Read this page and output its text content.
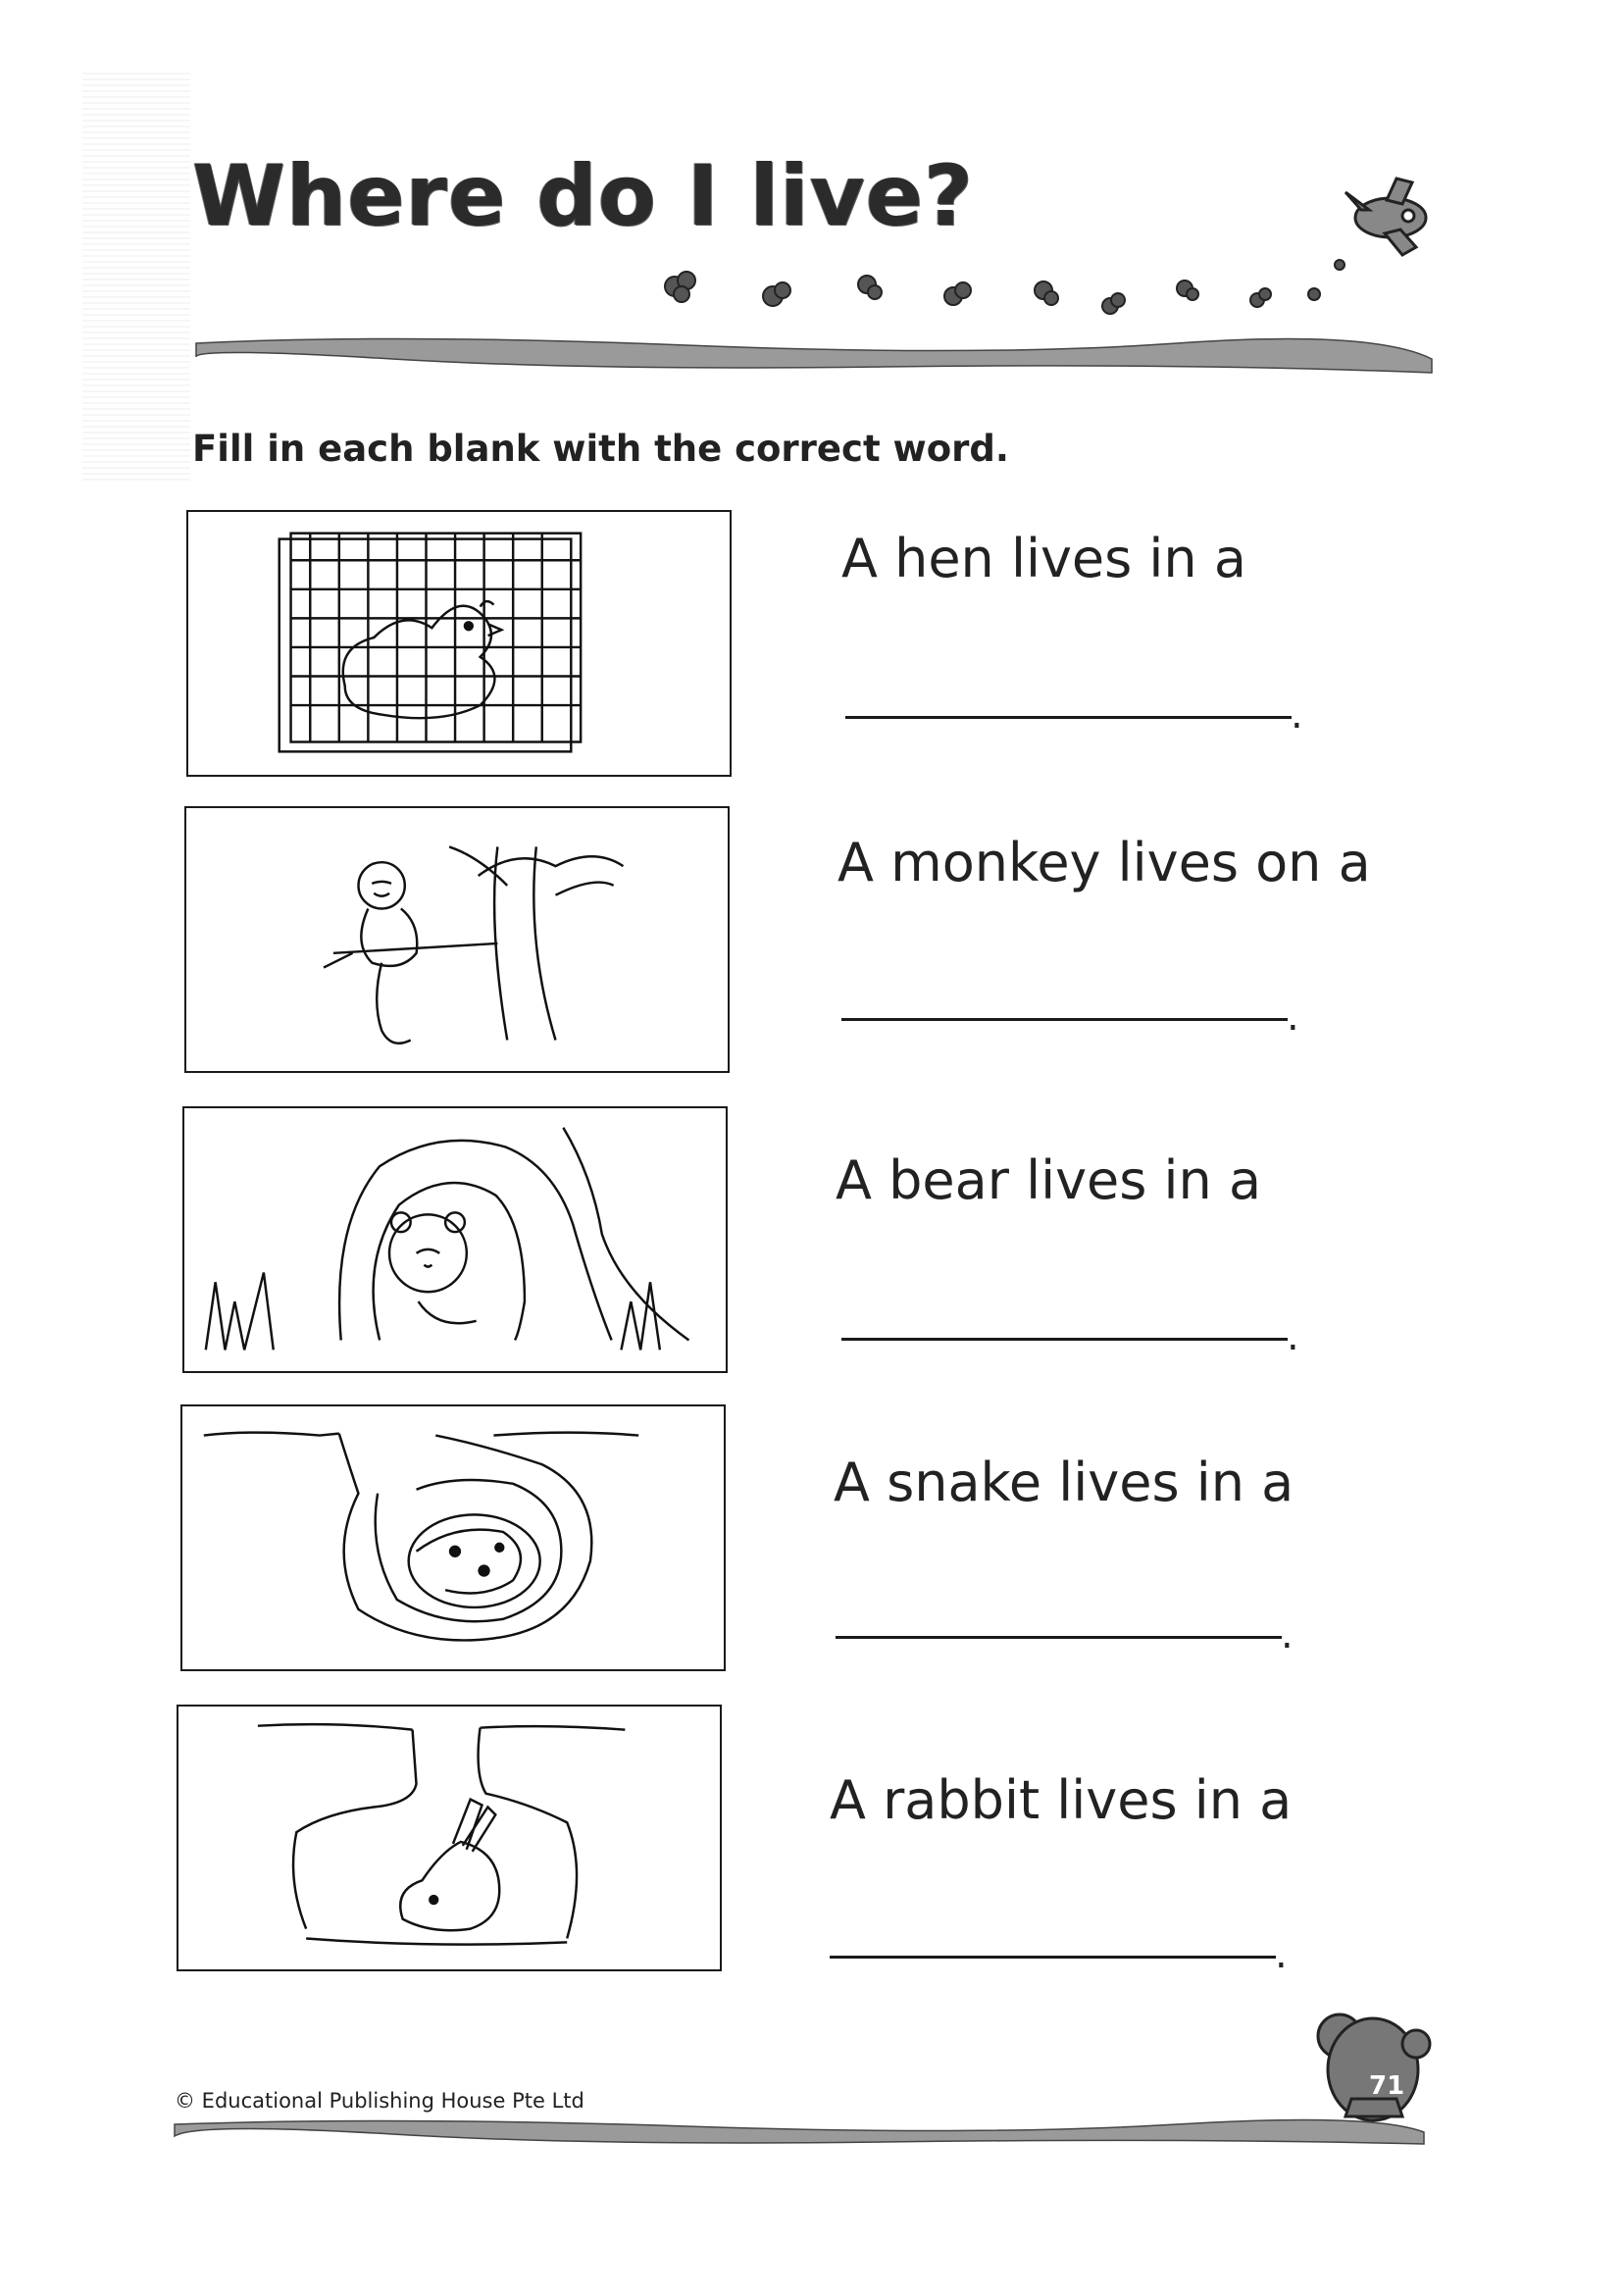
Where do I live?

Fill in each blank with the correct word.

A hen lives in a

.

A monkey lives on a

.

A bear lives in a

.

A snake lives in a

.

A rabbit lives in a

.
© Educational Publishing House Pte Ltd	71
